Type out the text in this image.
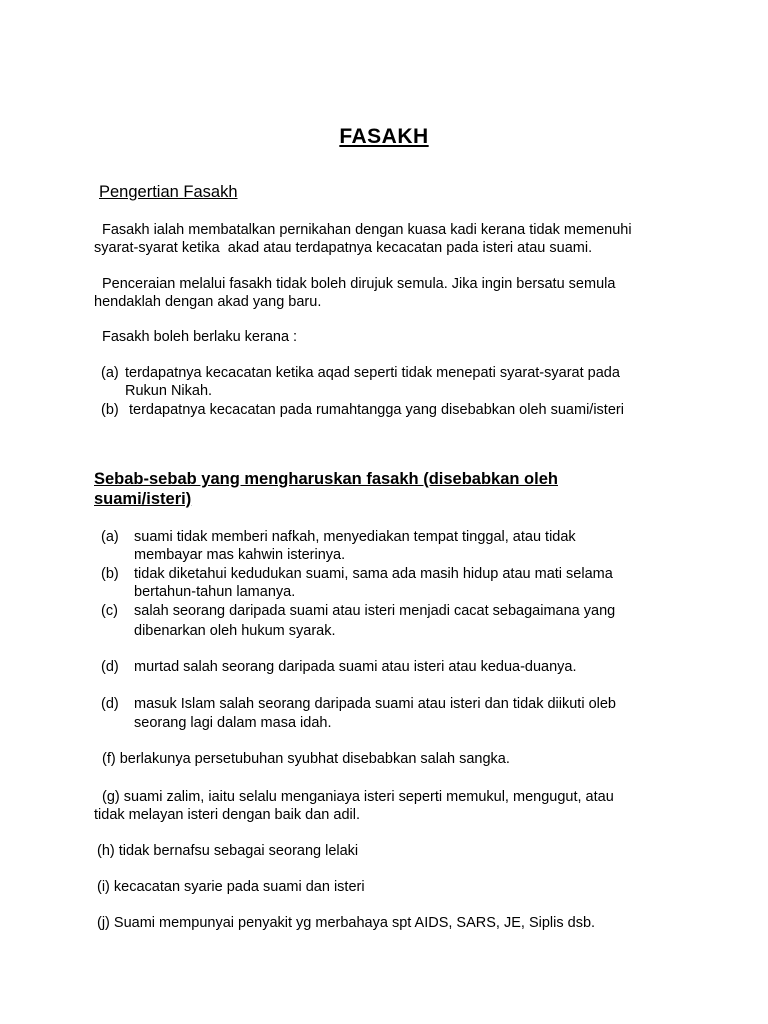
FASAKH
Pengertian Fasakh
Fasakh ialah membatalkan pernikahan dengan kuasa kadi kerana tidak memenuhi
syarat-syarat ketika  akad atau terdapatnya kecacatan pada isteri atau suami.
Penceraian melalui fasakh tidak boleh dirujuk semula. Jika ingin bersatu semula
hendaklah dengan akad yang baru.
Fasakh boleh berlaku kerana :
(a) terdapatnya kecacatan ketika aqad seperti tidak menepati syarat-syarat pada
Rukun Nikah.
(b) terdapatnya kecacatan pada rumahtangga yang disebabkan oleh suami/isteri
Sebab-sebab yang mengharuskan fasakh (disebabkan oleh
suami/isteri)
(a) suami tidak memberi nafkah, menyediakan tempat tinggal, atau tidak
membayar mas kahwin isterinya.
(b) tidak diketahui kedudukan suami, sama ada masih hidup atau mati selama
bertahun-tahun lamanya.
(c) salah seorang daripada suami atau isteri menjadi cacat sebagaimana yang
dibenarkan oleh hukum syarak.
(d) murtad salah seorang daripada suami atau isteri atau kedua-duanya.
(d) masuk Islam salah seorang daripada suami atau isteri dan tidak diikuti oleb
seorang lagi dalam masa idah.
(f) berlakunya persetubuhan syubhat disebabkan salah sangka.
(g) suami zalim, iaitu selalu menganiaya isteri seperti memukul, mengugut, atau
tidak melayan isteri dengan baik dan adil.
(h) tidak bernafsu sebagai seorang lelaki
(i) kecacatan syarie pada suami dan isteri
(j) Suami mempunyai penyakit yg merbahaya spt AIDS, SARS, JE, Siplis dsb.
